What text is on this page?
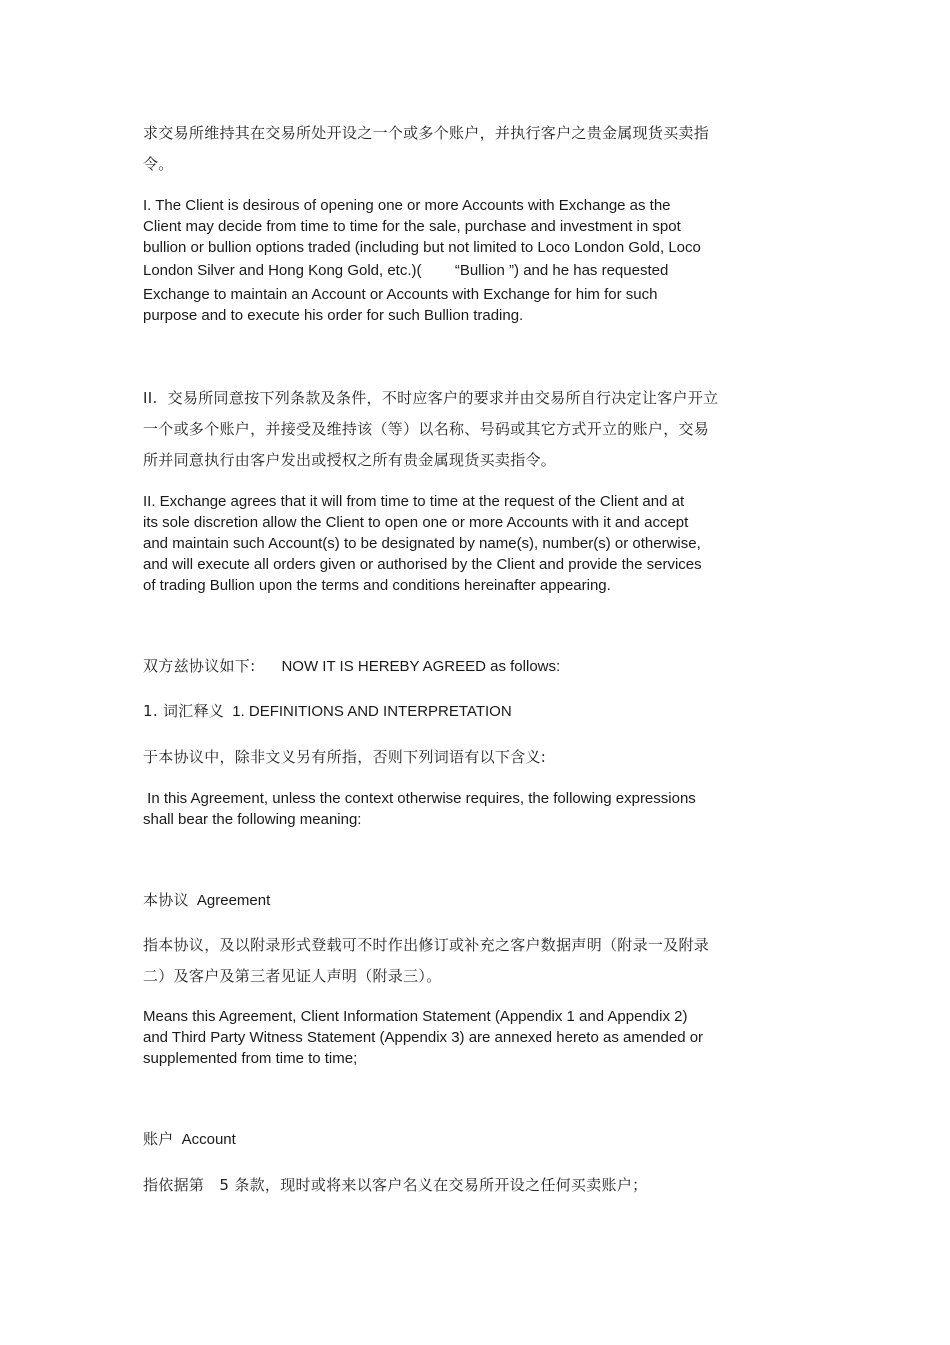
求交易所维持其在交易所处开设之一个或多个账户，并执行客户之贵金属现货买卖指
令。
I. The Client is desirous of opening one or more Accounts with Exchange as the
Client may decide from time to time for the sale, purchase and investment in spot
bullion or bullion options traded (including but not limited to Loco London Gold, Loco
London Silver and Hong Kong Gold, etc.)(        “Bullion ”) and he has requested
Exchange to maintain an Account or Accounts with Exchange for him for such
purpose and to execute his order for such Bullion trading.
II.  交易所同意按下列条款及条件，不时应客户的要求并由交易所自行决定让客户开立
一个或多个账户，并接受及维持该（等）以名称、号码或其它方式开立的账户，交易
所并同意执行由客户发出或授权之所有贵金属现货买卖指令。
II. Exchange agrees that it will from time to time at the request of the Client and at
its sole discretion allow the Client to open one or more Accounts with it and accept
and maintain such Account(s) to be designated by name(s), number(s) or otherwise,
and will execute all orders given or authorised by the Client and provide the services
of trading Bullion upon the terms and conditions hereinafter appearing.
双方兹协议如下: NOW IT IS HEREBY AGREED as follows:
1. 词汇释义 1. DEFINITIONS AND INTERPRETATION
于本协议中，除非文义另有所指，否则下列词语有以下含义:
In this Agreement, unless the context otherwise requires, the following expressions
shall bear the following meaning:
本协议 Agreement
指本协议，及以附录形式登载可不时作出修订或补充之客户数据声明（附录一及附录
二）及客户及第三者见证人声明（附录三）。
Means this Agreement, Client Information Statement (Appendix 1 and Appendix 2)
and Third Party Witness Statement (Appendix 3) are annexed hereto as amended or
supplemented from time to time;
账户 Account
指依据第   5 条款，现时或将来以客户名义在交易所开设之任何买卖账户；
